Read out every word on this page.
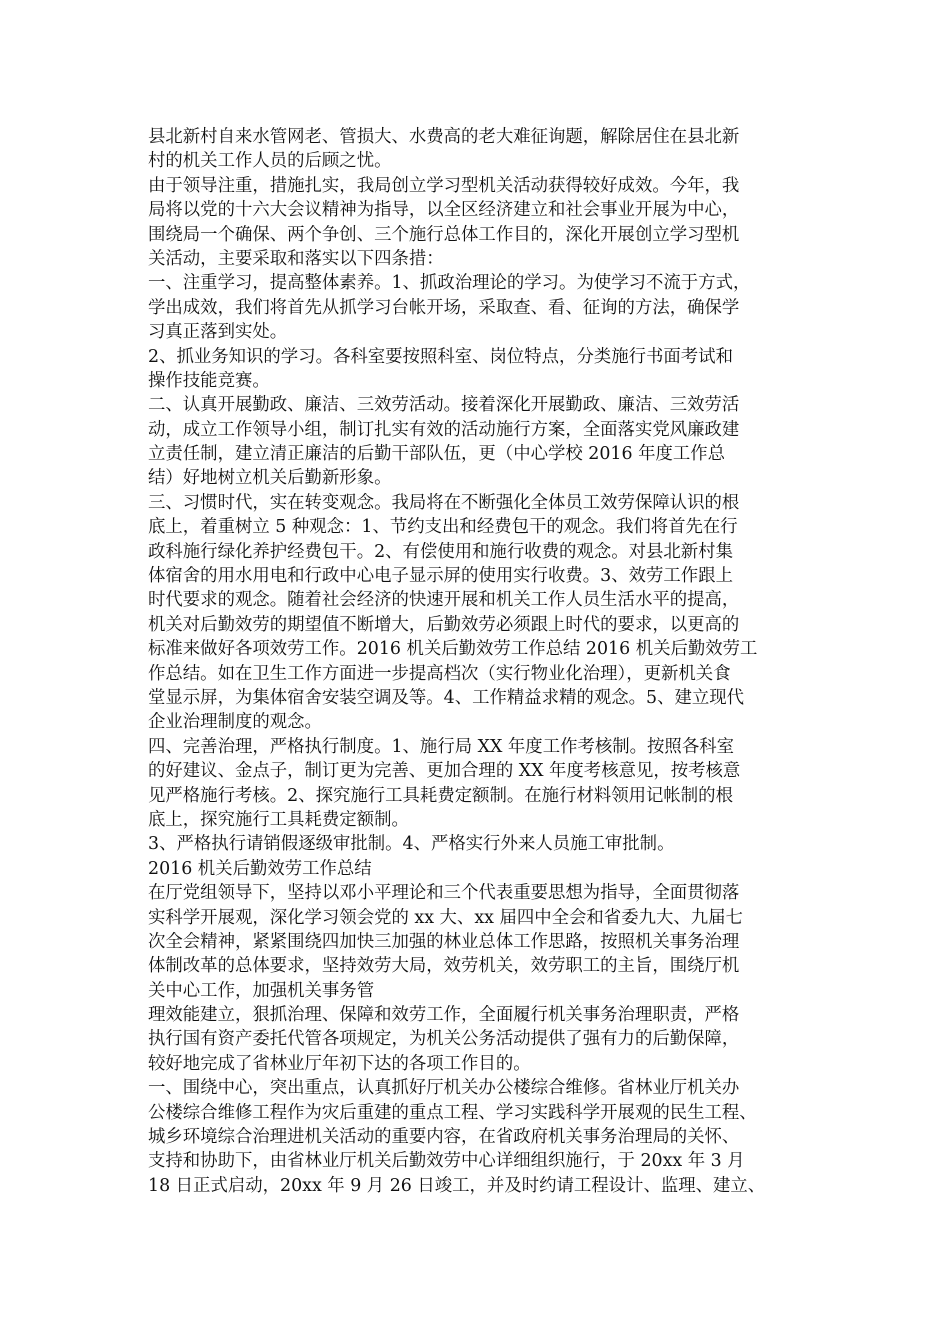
县北新村自来水管网老、管损大、水费高的老大难征询题，解除居住在县北新
村的机关工作人员的后顾之忧。
由于领导注重，措施扎实，我局创立学习型机关活动获得较好成效。今年，我
局将以党的十六大会议精神为指导，以全区经济建立和社会事业开展为中心，
围绕局一个确保、两个争创、三个施行总体工作目的，深化开展创立学习型机
关活动，主要采取和落实以下四条措：
一、注重学习，提高整体素养。1、抓政治理论的学习。为使学习不流于方式，
学出成效，我们将首先从抓学习台帐开场，采取查、看、征询的方法，确保学
习真正落到实处。
2、抓业务知识的学习。各科室要按照科室、岗位特点，分类施行书面考试和
操作技能竞赛。
二、认真开展勤政、廉洁、三效劳活动。接着深化开展勤政、廉洁、三效劳活
动，成立工作领导小组，制订扎实有效的活动施行方案，全面落实党风廉政建
立责任制，建立清正廉洁的后勤干部队伍，更（中心学校 2016 年度工作总
结）好地树立机关后勤新形象。
三、习惯时代，实在转变观念。我局将在不断强化全体员工效劳保障认识的根
底上，着重树立 5 种观念：1、节约支出和经费包干的观念。我们将首先在行
政科施行绿化养护经费包干。2、有偿使用和施行收费的观念。对县北新村集
体宿舍的用水用电和行政中心电子显示屏的使用实行收费。3、效劳工作跟上
时代要求的观念。随着社会经济的快速开展和机关工作人员生活水平的提高，
机关对后勤效劳的期望值不断增大，后勤效劳必须跟上时代的要求，以更高的
标准来做好各项效劳工作。2016 机关后勤效劳工作总结 2016 机关后勤效劳工
作总结。如在卫生工作方面进一步提高档次（实行物业化治理），更新机关食
堂显示屏，为集体宿舍安装空调及等。4、工作精益求精的观念。5、建立现代
企业治理制度的观念。
四、完善治理，严格执行制度。1、施行局 XX 年度工作考核制。按照各科室
的好建议、金点子，制订更为完善、更加合理的 XX 年度考核意见，按考核意
见严格施行考核。2、探究施行工具耗费定额制。在施行材料领用记帐制的根
底上，探究施行工具耗费定额制。
3、严格执行请销假逐级审批制。4、严格实行外来人员施工审批制。
2016 机关后勤效劳工作总结
在厅党组领导下，坚持以邓小平理论和三个代表重要思想为指导，全面贯彻落
实科学开展观，深化学习领会党的 xx 大、xx 届四中全会和省委九大、九届七
次全会精神，紧紧围绕四加快三加强的林业总体工作思路，按照机关事务治理
体制改革的总体要求，坚持效劳大局，效劳机关，效劳职工的主旨，围绕厅机
关中心工作，加强机关事务管
理效能建立，狠抓治理、保障和效劳工作，全面履行机关事务治理职责，严格
执行国有资产委托代管各项规定，为机关公务活动提供了强有力的后勤保障，
较好地完成了省林业厅年初下达的各项工作目的。
一、围绕中心，突出重点，认真抓好厅机关办公楼综合维修。省林业厅机关办
公楼综合维修工程作为灾后重建的重点工程、学习实践科学开展观的民生工程、
城乡环境综合治理进机关活动的重要内容，在省政府机关事务治理局的关怀、
支持和协助下，由省林业厅机关后勤效劳中心详细组织施行，于 20xx 年 3 月
18 日正式启动，20xx 年 9 月 26 日竣工，并及时约请工程设计、监理、建立、
